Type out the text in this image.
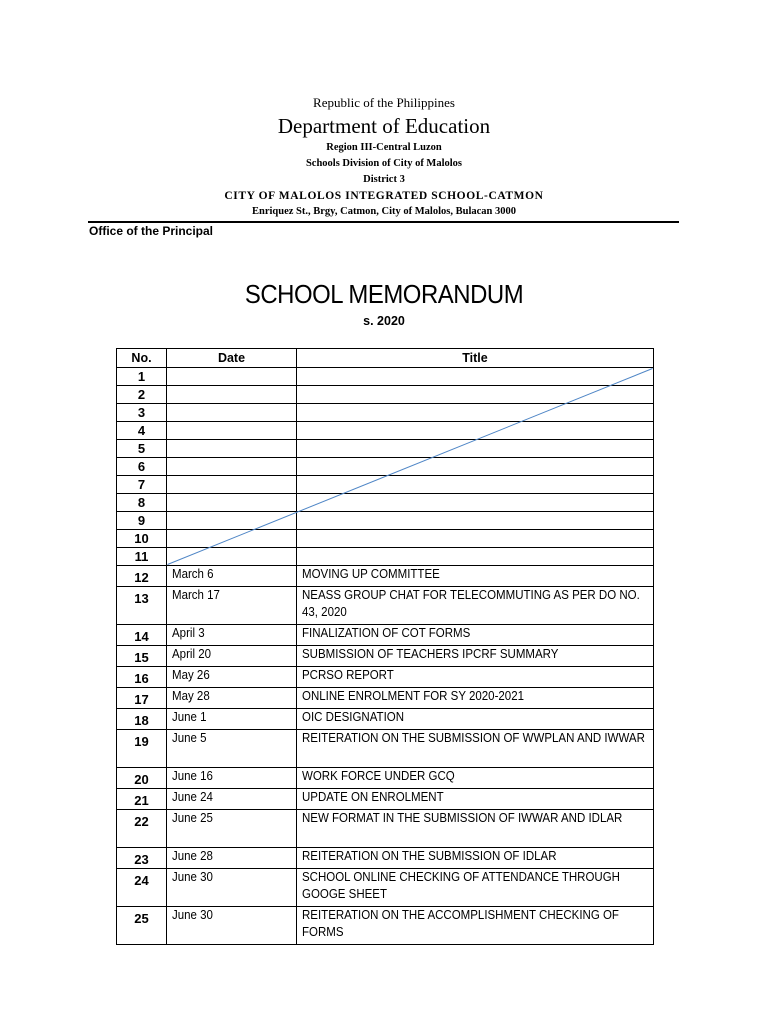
Republic of the Philippines
Department of Education
Region III-Central Luzon
Schools Division of City of Malolos
District 3
CITY OF MALOLOS INTEGRATED SCHOOL-CATMON
Enriquez St., Brgy, Catmon, City of Malolos, Bulacan 3000
Office of the Principal
SCHOOL MEMORANDUM
s. 2020
No.	Date	Title
1	

2	

3	

4	

5	

6	

7	

8	

9	

10	

11	

12	March 6	MOVING UP COMMITTEE

13	March 17	NEASS GROUP CHAT FOR TELECOMMUTING AS PER DO NO. 43, 2020

14	April 3	FINALIZATION OF COT FORMS

15	April 20	SUBMISSION OF TEACHERS IPCRF SUMMARY

16	May 26	PCRSO REPORT

17	May 28	ONLINE ENROLMENT FOR SY 2020-2021

18	June 1	OIC DESIGNATION

19	June 5	REITERATION ON THE SUBMISSION OF WWPLAN AND IWWAR

20	June 16	WORK FORCE UNDER GCQ

21	June 24	UPDATE ON ENROLMENT

22	June 25	NEW FORMAT IN THE SUBMISSION OF IWWAR AND IDLAR

23	June 28	REITERATION ON THE SUBMISSION OF IDLAR

24	June 30	SCHOOL ONLINE CHECKING OF ATTENDANCE THROUGH GOOGE SHEET

25	June 30	REITERATION ON THE ACCOMPLISHMENT CHECKING OF FORMS
